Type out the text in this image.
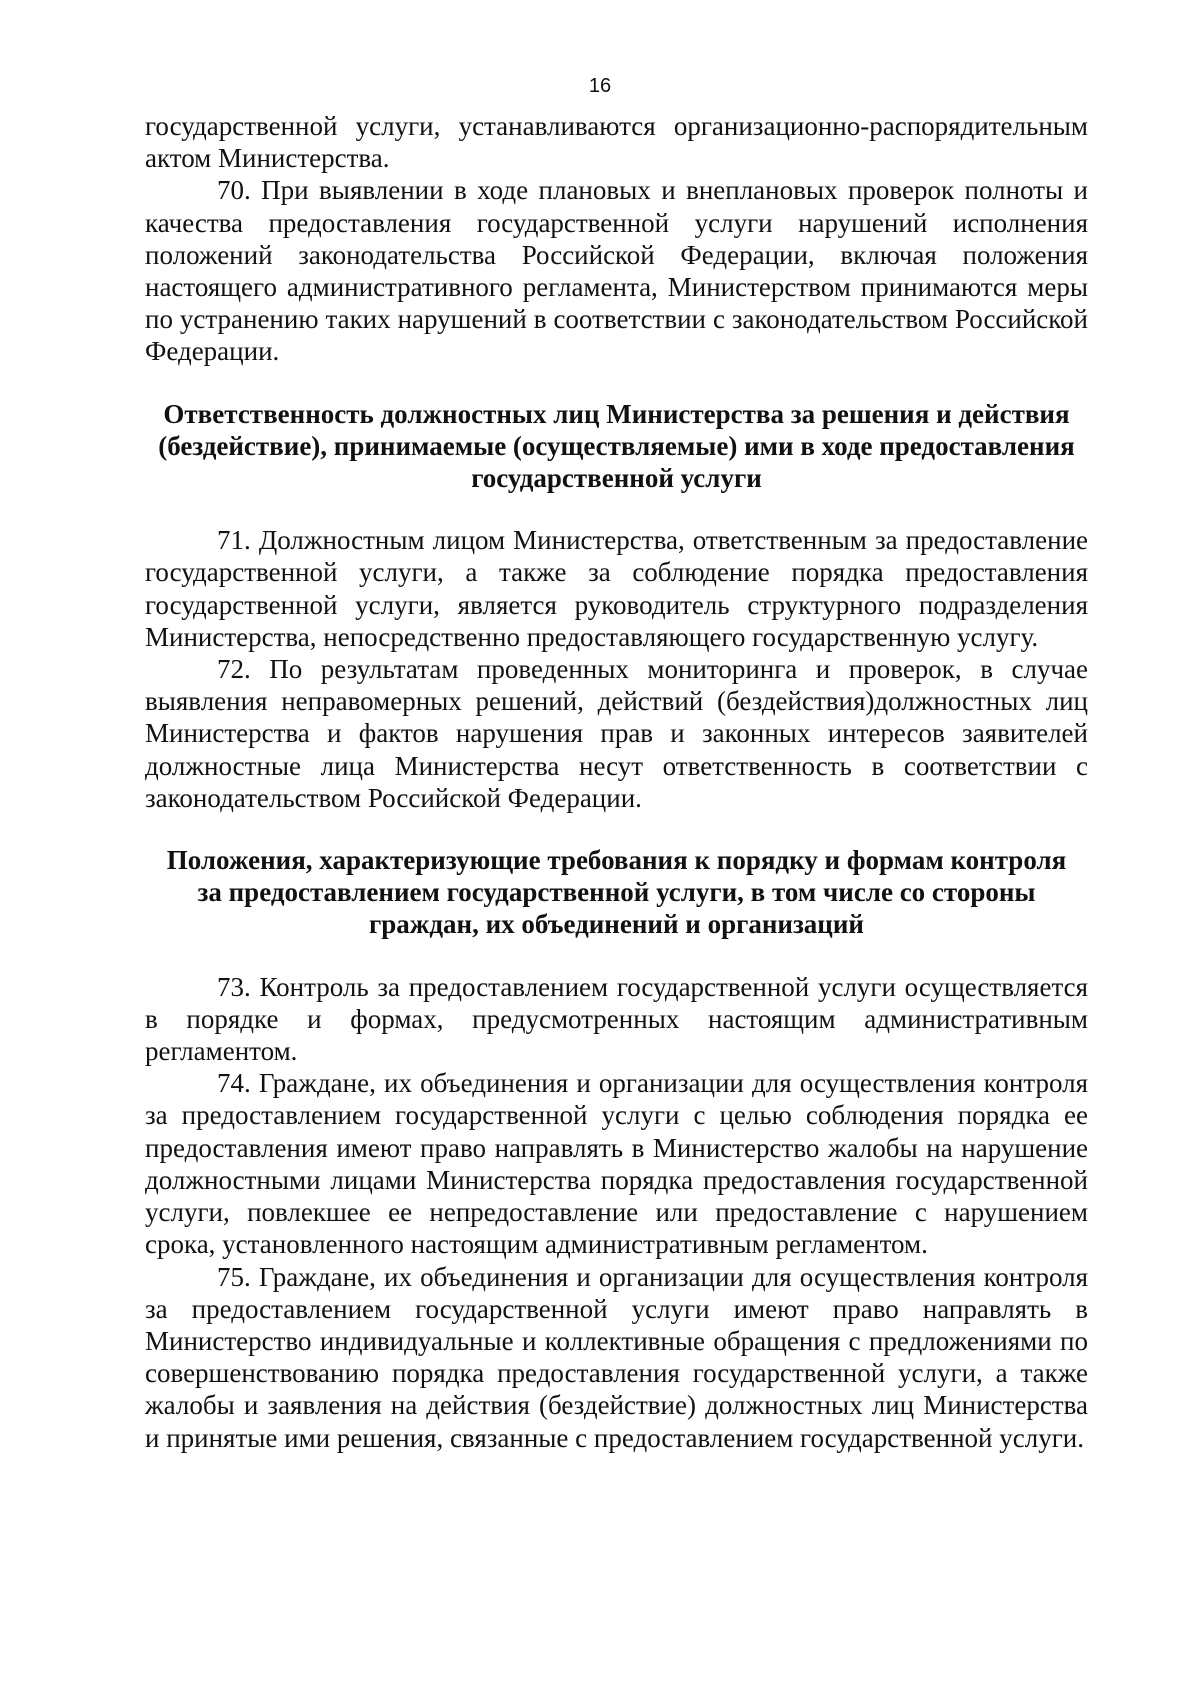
16

государственной услуги, устанавливаются организационно-распорядительным актом Министерства.

70. При выявлении в ходе плановых и внеплановых проверок полноты и качества предоставления государственной услуги нарушений исполнения положений законодательства Российской Федерации, включая положения настоящего административного регламента, Министерством принимаются меры по устранению таких нарушений в соответствии с законодательством Российской Федерации.

Ответственность должностных лиц Министерства за решения и действия (бездействие), принимаемые (осуществляемые) ими в ходе предоставления государственной услуги

71. Должностным лицом Министерства, ответственным за предоставление государственной услуги, а также за соблюдение порядка предоставления государственной услуги, является руководитель структурного подразделения Министерства, непосредственно предоставляющего государственную услугу.

72. По результатам проведенных мониторинга и проверок, в случае выявления неправомерных решений, действий (бездействия)должностных лиц Министерства и фактов нарушения прав и законных интересов заявителей должностные лица Министерства несут ответственность в соответствии с законодательством Российской Федерации.

Положения, характеризующие требования к порядку и формам контроля за предоставлением государственной услуги, в том числе со стороны граждан, их объединений и организаций

73. Контроль за предоставлением государственной услуги осуществляется в порядке и формах, предусмотренных настоящим административным регламентом.

74. Граждане, их объединения и организации для осуществления контроля за предоставлением государственной услуги с целью соблюдения порядка ее предоставления имеют право направлять в Министерство жалобы на нарушение должностными лицами Министерства порядка предоставления государственной услуги, повлекшее ее непредоставление или предоставление с нарушением срока, установленного настоящим административным регламентом.

75. Граждане, их объединения и организации для осуществления контроля за предоставлением государственной услуги имеют право направлять в Министерство индивидуальные и коллективные обращения с предложениями по совершенствованию порядка предоставления государственной услуги, а также жалобы и заявления на действия (бездействие) должностных лиц Министерства и принятые ими решения, связанные с предоставлением государственной услуги.
